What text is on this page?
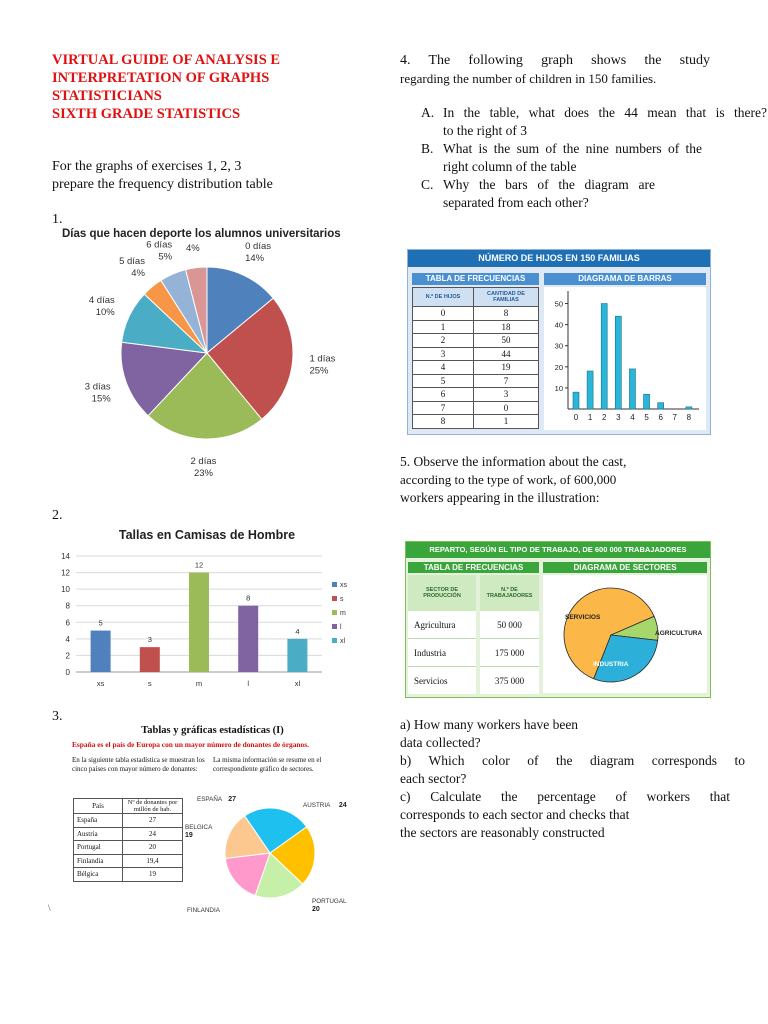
VIRTUAL GUIDE OF ANALYSIS E
INTERPRETATION OF GRAPHS
STATISTICIANS
SIXTH GRADE STATISTICS
For the graphs of exercises 1, 2, 3
prepare the frequency distribution table
1.
Días que hacen deporte los alumnos universitarios
0 días
14%
1 días
25%
2 días
23%
3 días
15%
4 días
10%
5 días
4%
6 días
5%
4%
2.
Tallas en Camisas de Hombre
0
2
4
6
8
10
12
14
5
xs
3
s
12
m
8
l
4
xl
xs
s
m
l
xl
3.
Tablas y gráficas estadísticas (I)
España es el país de Europa con un mayor número de donantes de órganos.
En la siguiente tabla estadística se muestran los cinco países con mayor número de donantes:
La misma información se resume en el correspondiente gráfico de sectores.
País	Nº de donantes por millón de hab.
España	27
Austria	24
Portugal	20
Finlandia	19,4
Bélgica	19
ESPAÑA 27
AUSTRIA 24
PORTUGAL
20
FINLANDIA
BELGICA
19
\
4. The following graph shows the study
regarding the number of children in 150 families.
A. In the table, what does the 44 mean that is there?
to the right of 3
B. What is the sum of the nine numbers of the
right column of the table
C. Why the bars of the diagram are
separated from each other?
NÚMERO DE HIJOS EN 150 FAMILIAS
TABLA DE FRECUENCIAS
N.º DE HIJOS	CANTIDAD DE FAMILIAS
0	8
1	18
2	50
3	44
4	19
5	7
6	3
7	0
8	1
DIAGRAMA DE BARRAS
10
20
30
40
50
0 1 2 3 4 5 6 7 8
5. Observe the information about the cast,
according to the type of work, of 600,000
workers appearing in the illustration:
REPARTO, SEGÚN EL TIPO DE TRABAJO, DE 600 000 TRABAJADORES
TABLA DE FRECUENCIAS
SECTOR DE PRODUCCIÓN	N.º DE TRABAJADORES
Agricultura	50 000
Industria	175 000
Servicios	375 000
DIAGRAMA DE SECTORES
SERVICIOS
AGRICULTURA
INDUSTRIA
a) How many workers have been
data collected?
b) Which color of the diagram corresponds to
each sector?
c) Calculate the percentage of workers that
corresponds to each sector and checks that
the sectors are reasonably constructed
